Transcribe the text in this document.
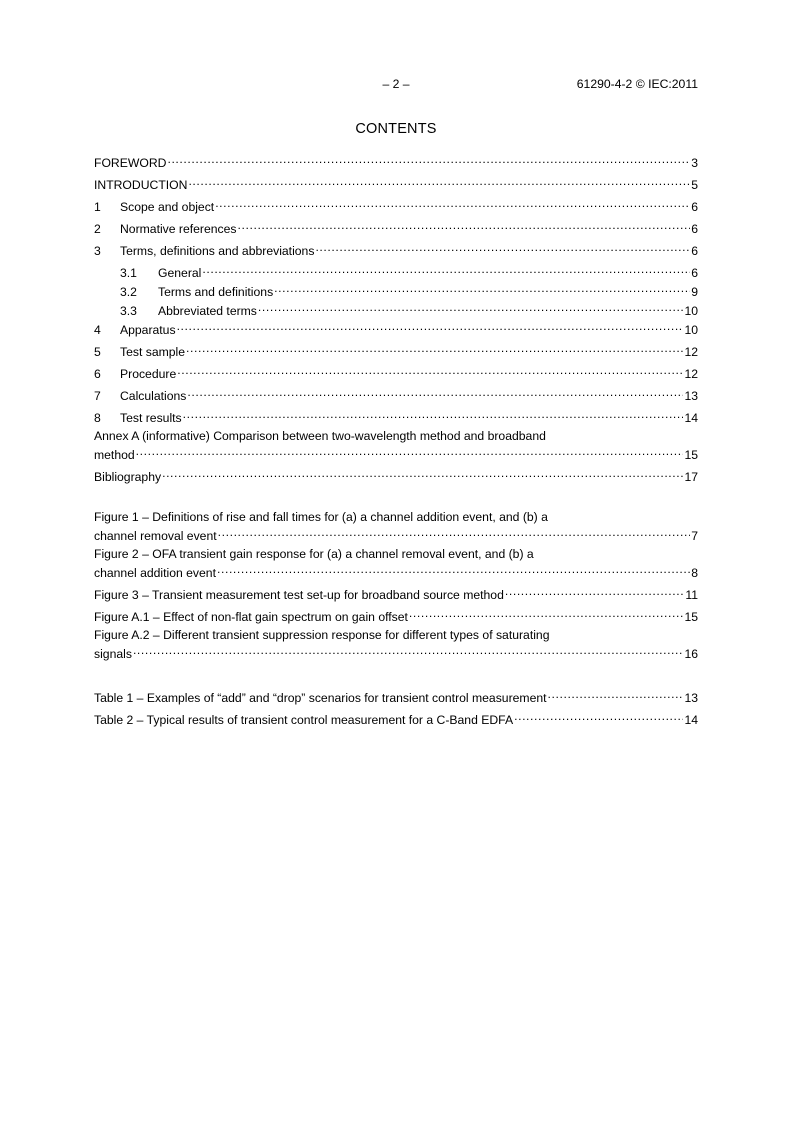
– 2 –	61290-4-2 © IEC:2011
CONTENTS
FOREWORD .....	3
INTRODUCTION .....	5
1	Scope and object .....	6
2	Normative references .....	6
3	Terms, definitions and abbreviations .....	6
3.1	General .....	6
3.2	Terms and definitions .....	9
3.3	Abbreviated terms .....	10
4	Apparatus .....	10
5	Test sample .....	12
6	Procedure .....	12
7	Calculations .....	13
8	Test results .....	14
Annex A (informative) Comparison between two-wavelength method and broadband
method .....	15
Bibliography .....	17
Figure 1 – Definitions of rise and fall times for (a) a channel addition event, and (b) a
channel removal event .....	7
Figure 2 – OFA transient gain response for (a) a channel removal event, and (b) a
channel addition event .....	8
Figure 3 – Transient measurement test set-up for broadband source method .....	11
Figure A.1 – Effect of non-flat gain spectrum on gain offset .....	15
Figure A.2 – Different transient suppression response for different types of saturating
signals .....	16
Table 1 – Examples of “add” and “drop” scenarios for transient control measurement .....	13
Table 2 – Typical results of transient control measurement for a C-Band EDFA .....	14
